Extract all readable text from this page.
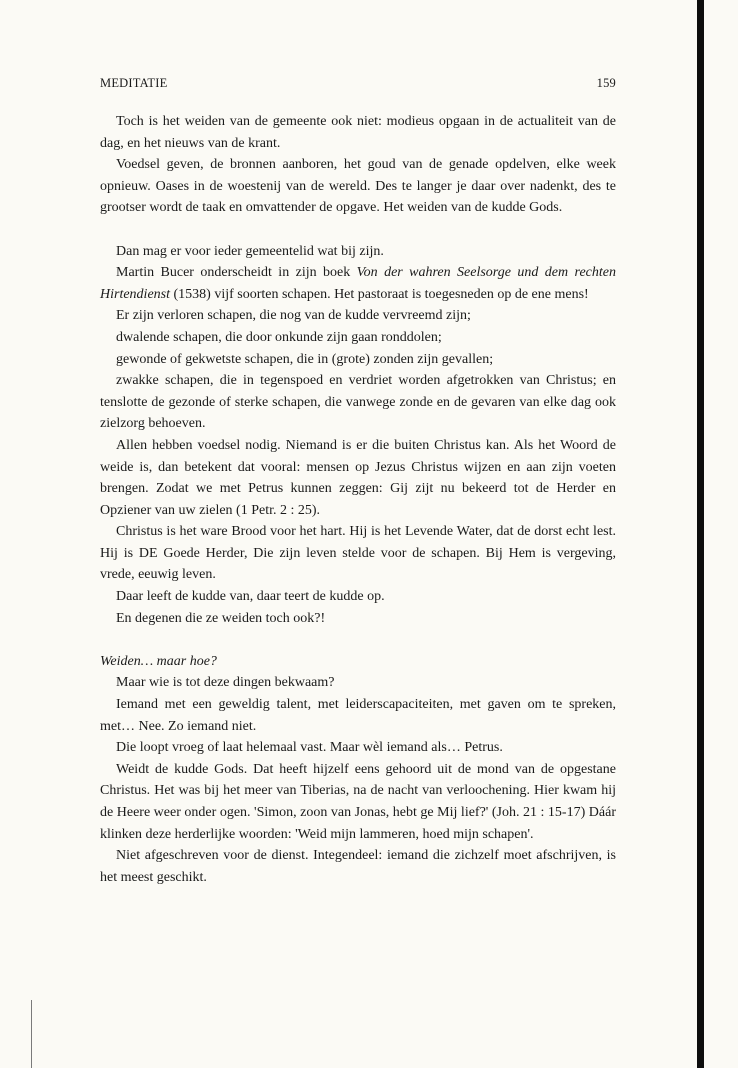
MEDITATIE	159

Toch is het weiden van de gemeente ook niet: modieus opgaan in de actualiteit van de dag, en het nieuws van de krant.

Voedsel geven, de bronnen aanboren, het goud van de genade opdelven, elke week opnieuw. Oases in de woestenij van de wereld. Des te langer je daar over nadenkt, des te grootser wordt de taak en omvattender de opgave. Het weiden van de kudde Gods.

Dan mag er voor ieder gemeentelid wat bij zijn.

Martin Bucer onderscheidt in zijn boek Von der wahren Seelsorge und dem rechten Hirtendienst (1538) vijf soorten schapen. Het pastoraat is toegesneden op de ene mens!

Er zijn verloren schapen, die nog van de kudde vervreemd zijn;

dwalende schapen, die door onkunde zijn gaan ronddolen;

gewonde of gekwetste schapen, die in (grote) zonden zijn gevallen;

zwakke schapen, die in tegenspoed en verdriet worden afgetrokken van Christus; en tenslotte de gezonde of sterke schapen, die vanwege zonde en de gevaren van elke dag ook zielzorg behoeven.

Allen hebben voedsel nodig. Niemand is er die buiten Christus kan. Als het Woord de weide is, dan betekent dat vooral: mensen op Jezus Christus wijzen en aan zijn voeten brengen. Zodat we met Petrus kunnen zeggen: Gij zijt nu bekeerd tot de Herder en Opziener van uw zielen (1 Petr. 2 : 25).

Christus is het ware Brood voor het hart. Hij is het Levende Water, dat de dorst echt lest. Hij is DE Goede Herder, Die zijn leven stelde voor de schapen. Bij Hem is vergeving, vrede, eeuwig leven.

Daar leeft de kudde van, daar teert de kudde op.

En degenen die ze weiden toch ook?!

Weiden… maar hoe?

Maar wie is tot deze dingen bekwaam?

Iemand met een geweldig talent, met leiderscapaciteiten, met gaven om te spreken, met… Nee. Zo iemand niet.

Die loopt vroeg of laat helemaal vast. Maar wèl iemand als… Petrus.

Weidt de kudde Gods. Dat heeft hijzelf eens gehoord uit de mond van de opgestane Christus. Het was bij het meer van Tiberias, na de nacht van verloochening. Hier kwam hij de Heere weer onder ogen. 'Simon, zoon van Jonas, hebt ge Mij lief?' (Joh. 21 : 15-17) Dáár klinken deze herderlijke woorden: 'Weid mijn lammeren, hoed mijn schapen'.

Niet afgeschreven voor de dienst. Integendeel: iemand die zichzelf moet afschrijven, is het meest geschikt.
